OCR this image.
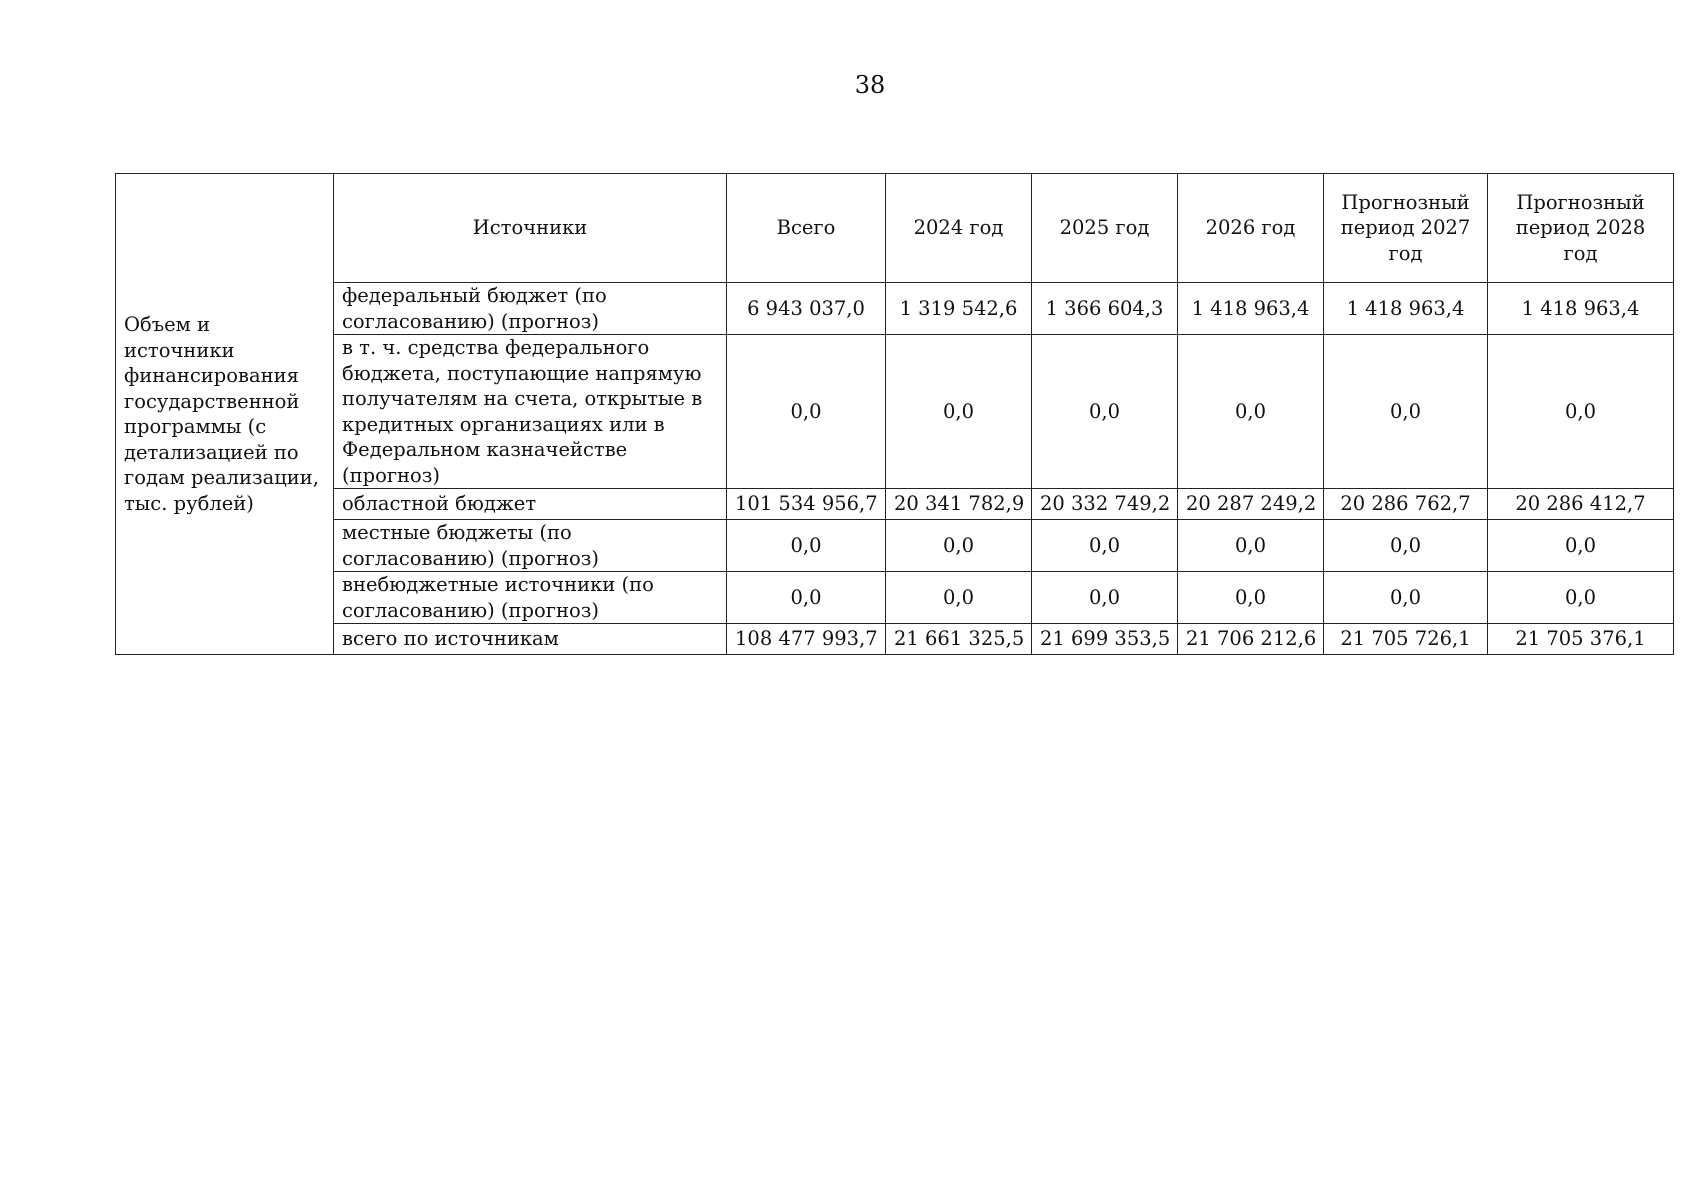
38
Объем и источники финансирования государственной программы (с детализацией по годам реализации, тыс. рублей)	Источники	Всего	2024 год	2025 год	2026 год	Прогнозный период 2027 год	Прогнозный период 2028 год
	федеральный бюджет (по согласованию) (прогноз)	6 943 037,0	1 319 542,6	1 366 604,3	1 418 963,4	1 418 963,4	1 418 963,4
	в т. ч. средства федерального бюджета, поступающие напрямую получателям на счета, открытые в кредитных организациях или в Федеральном казначействе (прогноз)	0,0	0,0	0,0	0,0	0,0	0,0
	областной бюджет	101 534 956,7	20 341 782,9	20 332 749,2	20 287 249,2	20 286 762,7	20 286 412,7
	местные бюджеты (по согласованию) (прогноз)	0,0	0,0	0,0	0,0	0,0	0,0
	внебюджетные источники (по согласованию) (прогноз)	0,0	0,0	0,0	0,0	0,0	0,0
	всего по источникам	108 477 993,7	21 661 325,5	21 699 353,5	21 706 212,6	21 705 726,1	21 705 376,1
